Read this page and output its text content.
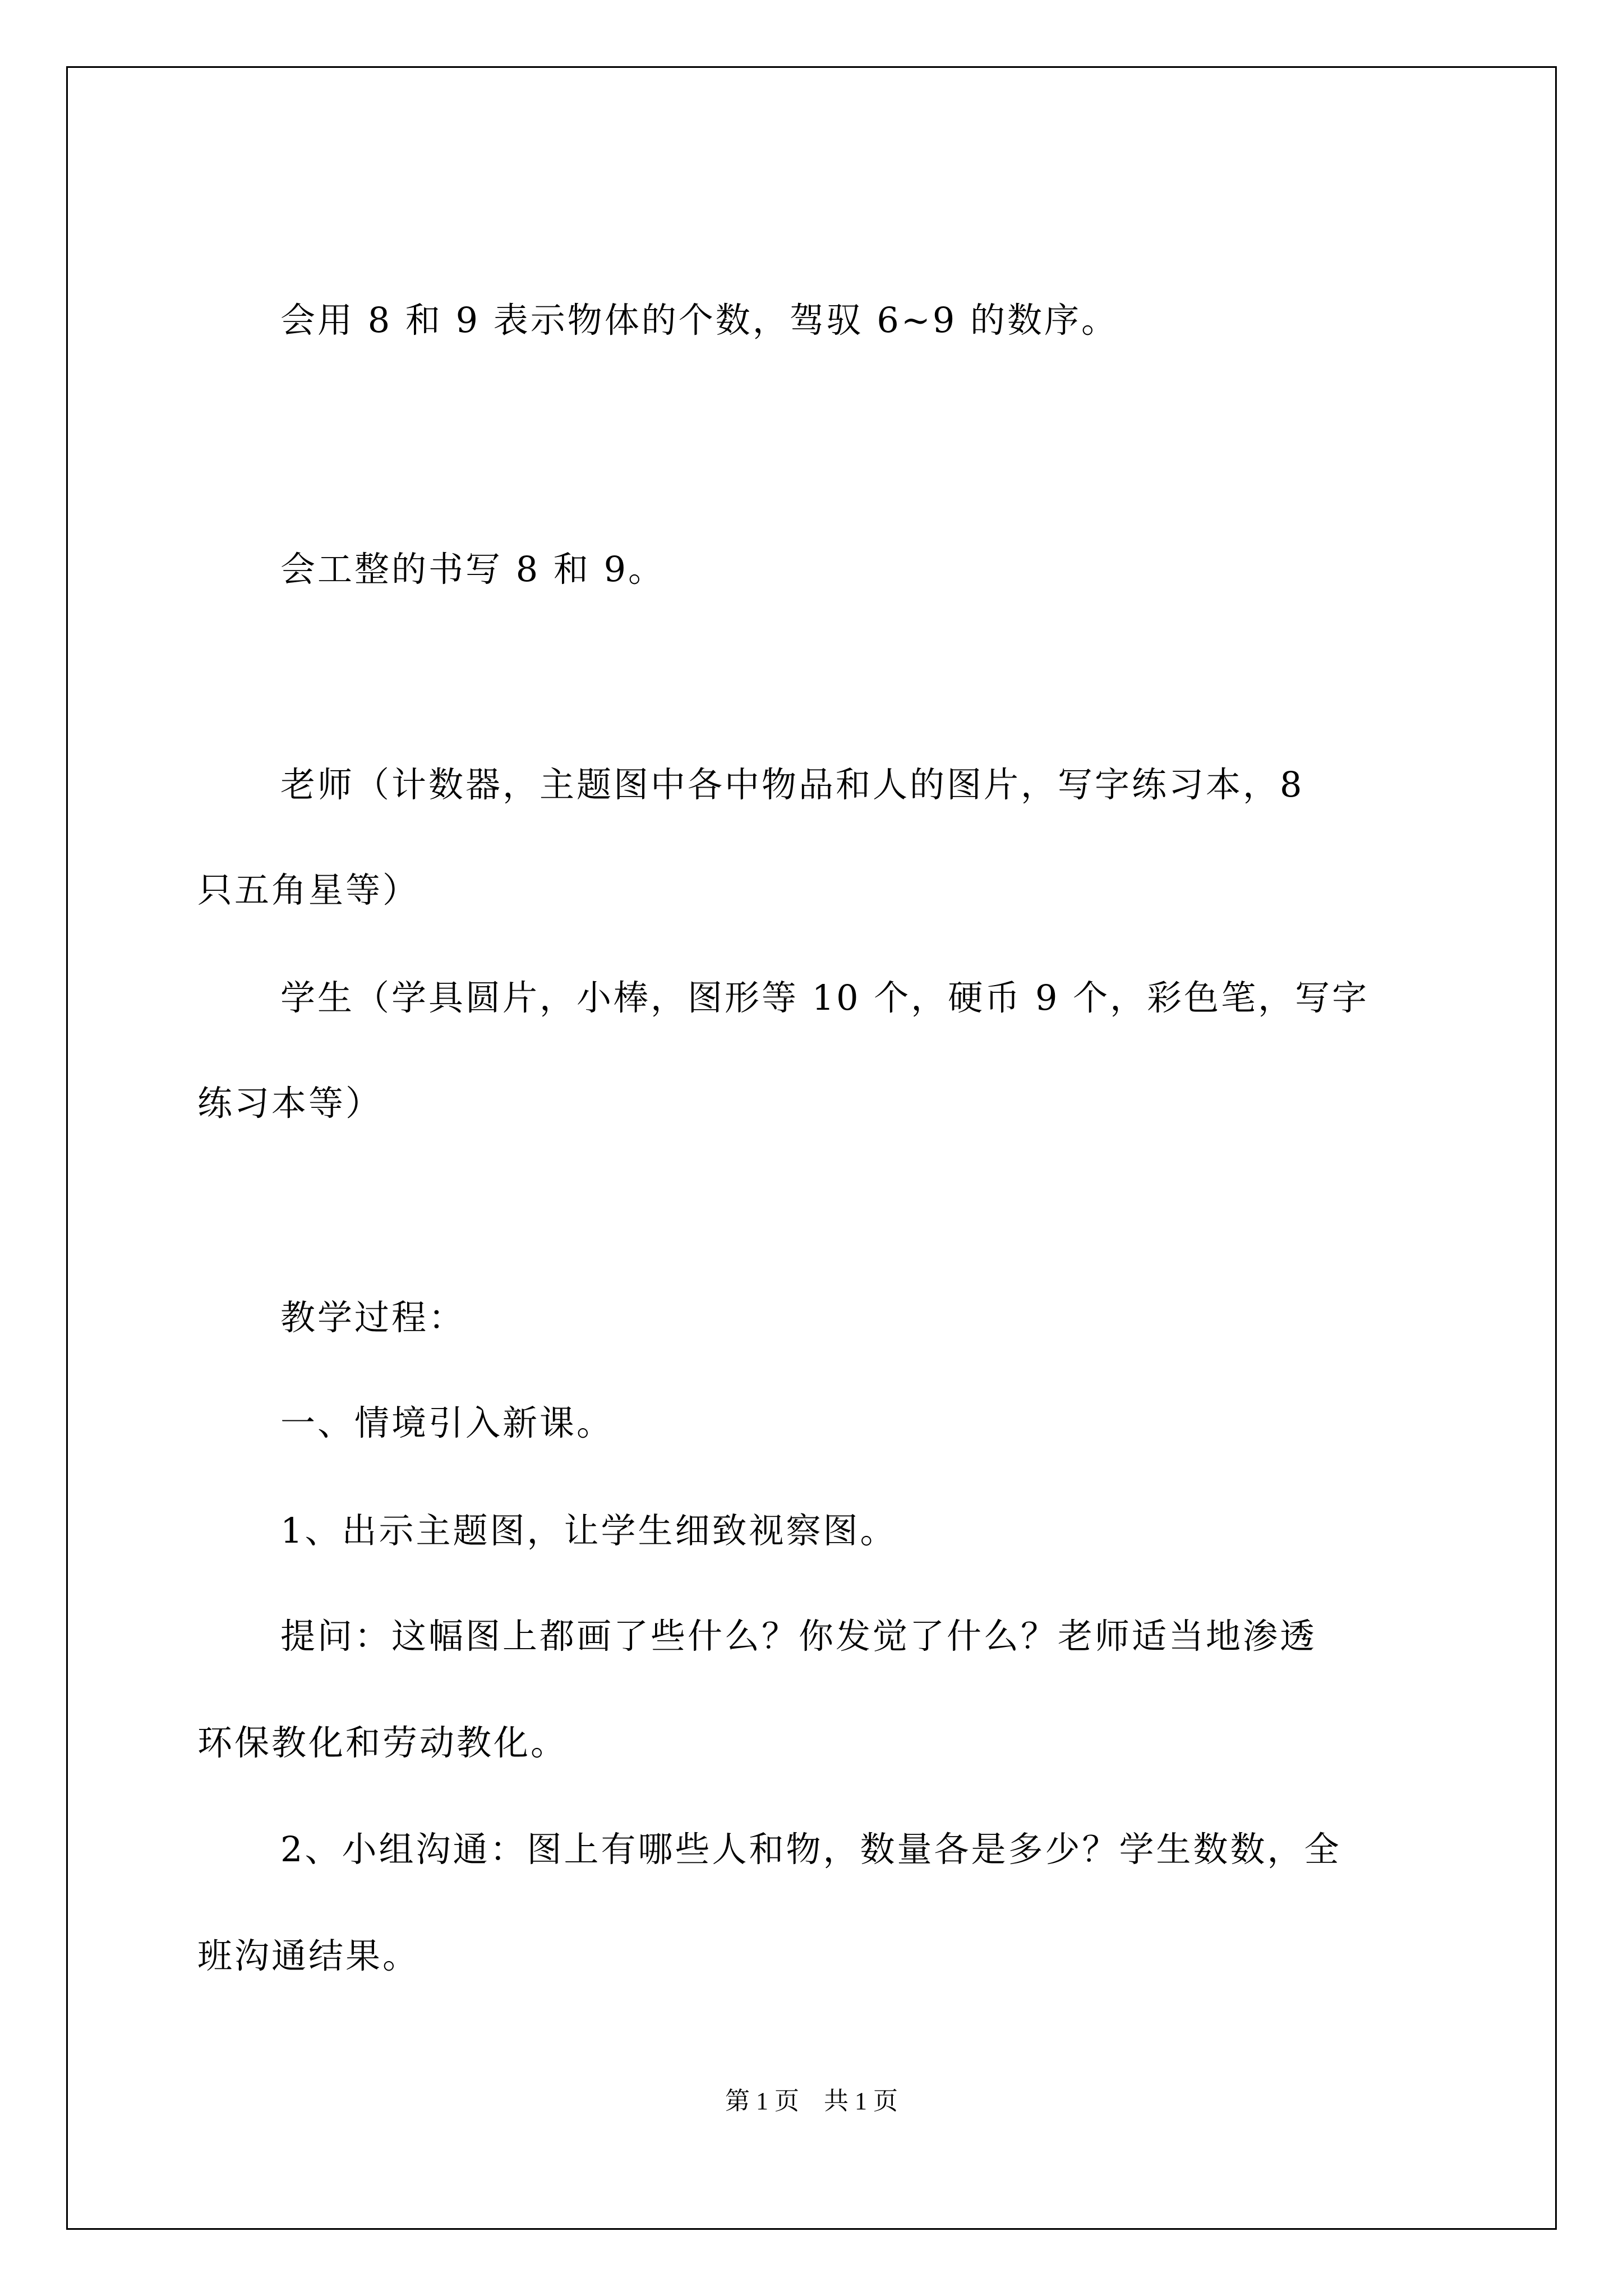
会用 8 和 9 表示物体的个数，驾驭 6~9 的数序。
会工整的书写 8 和 9。
老师（计数器，主题图中各中物品和人的图片，写字练习本，8
只五角星等）
学生（学具圆片，小棒，图形等 10 个，硬币 9 个，彩色笔，写字
练习本等）
教学过程：
一、情境引入新课。
1、出示主题图，让学生细致视察图。
提问：这幅图上都画了些什么？你发觉了什么？老师适当地渗透
环保教化和劳动教化。
2、小组沟通：图上有哪些人和物，数量各是多少？学生数数，全
班沟通结果。
第 1 页　共 1 页
